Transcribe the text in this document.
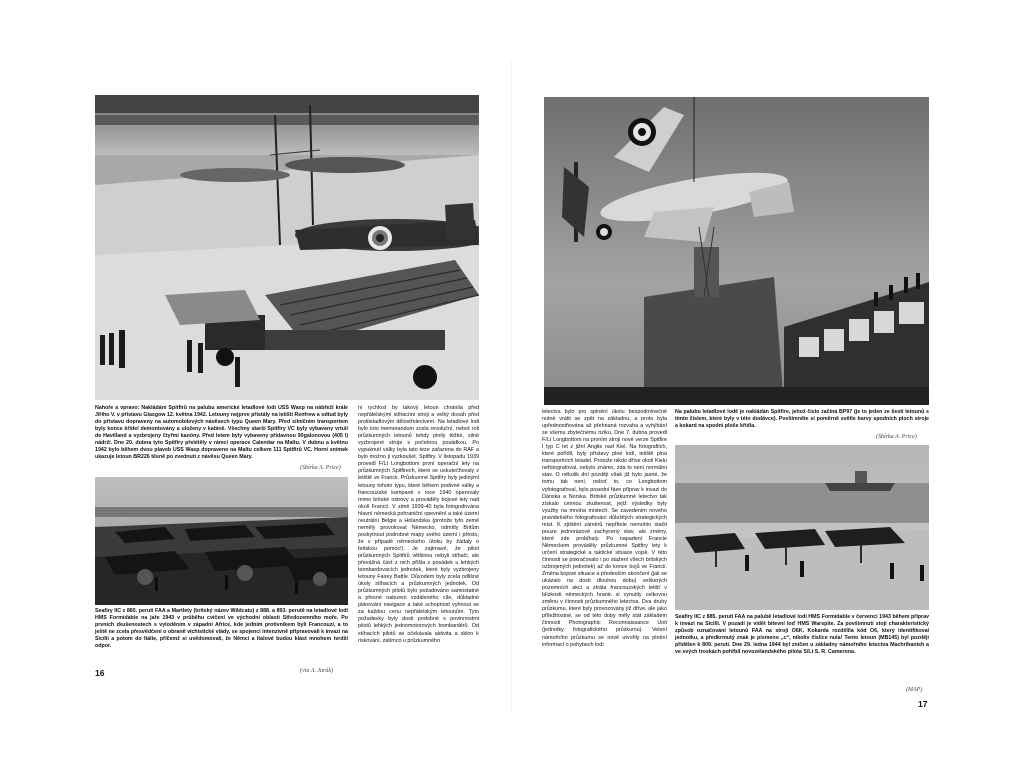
Nahoře a vpravo: Nakládání Spitfirů na palubu americké letadlové lodi USS Wasp na nábřeží krále Jiřího V. v přístavu Glasgow 12. května 1942. Letouny nejprve přistály na letišti Renfrew a odtud byly do přístavu dopraveny na automobilových návěsech typu Queen Mary. Před silničním transportem byly konce křídel demontovány a uloženy v kabině. Všechny starší Spitfiry VC byly vybaveny vrtulí de Havilland a vyzbrojeny čtyřmi kanóny. Před letem byly vybaveny přídavnou 90galonovou (405 l) nádrží. Dne 20. dubna tyto Spitfiry přelétěly v rámci operace Calendar na Maltu. V dubnu a květnu 1942 bylo během dvou plaveb USS Wasp dopraveno na Maltu celkem 111 Spitfirů VC. Horní snímek ukazuje letoun BR226 těsně po zvednutí z návěsu Queen Mary.
(Sbírka A. Price)
Seafiry IIC z 885. peruti FAA a Martlety (britský název Wildcatu) z 888. a 893. perutě na letadlové lodi HMS Formidable na jaře 1943 v průběhu cvičení ve východní oblasti Středozemního moře. Po prvních zkušenostech s vyloděním v západní Africe, kde jedním protivníkem byli Francouzi, a to ještě ne zcela přesvědčení o obraně vichistické vlády, se spojenci intenzivně připravovali k invazi na Sicílii a potom do Itálie, přičemž si uvědomovali, že Němci a Italové budou klást mnohem tvrdší odpor.
(via A. Jurák)
ní rychlost by takový letoun chránila před nepřátelskými stíhacími stroji a velký dosah před protiletadlovým dělostřelectvem. Na letadlové lodi bylo toto memorandum zcela revoluční, neboť roli průzkumných letounů tehdy plnily těžké, silně vyzbrojené stroje s početnou posádkou. Po vypuknutí války byla tato teze zařazena do RAF a bylo možno ji vyzkoušet. Spitfiry. V listopadu 1939 provedl F/Lt Longbottom první operační lety na průzkumných Spitfirech, které se uskutečňovaly z letiště ve Francii. Průzkumné Spitfiry byly jedinými letouny tohoto typu, které během podivné války a francouzské kampaně v roce 1940 operovaly mimo britské ostrovy a prováděly bojové lety nad okolí Francií. V zimě 1939-40 byla fotografována hlavní německá pohraniční opevnění a také území neutrální Belgie a Holandska (protože tyto země neměly provokovat Německo, odmítly Britům poskytnout podrobné mapy svého území i přesto, že v případě německého útoku by žádaly o britskou pomoc!). Je zajímavé, že piloti průzkumných Spitfirů většinou nebyli stíhači, ale převážná část z nich přišla z posádek u lehkých bombardovacích jednotek, které byly vyzbrojeny letouny Fairey Battle. Důvodem byly zcela odlišné úkoly stíhacích a průzkumných jednotek. Od průzkumných pilotů bylo požadováno samostatné a přesné nalezení vzdáleného cíle, důkladné plánování navigace a také schopnost vyhnout se za každou cenu nepřátelským letounům. Tyto požadavky byly dosti podobné s povinnostmi pilotů lehkých jednomotorových bombardérů. Od stíhacích pilotů se očekávala aktivita a sklon k riskování, zatímco u průzkumného
16
letectva bylo pro splnění úkolu bezpodmínečně nutné vrátit se zpět na základnu, a proto byla upřednostňována až přehnaná rozvaha a vyhýbání se všemu zbytečnému riziku. Dne 7. dubna provedl F/Lt Longbottom na prvním stroji nové verze Spitfire I typ C let z jižní Anglie nad Kiel. Na fotografiích, které pořídil, byly přístavy plné lodí, letiště plná transportních letadel. Protože nikdo dříve okolí Kielu nefotografoval, nebylo známo, zda to není normální stav. O několik dní později však již bylo jasné, že tomu tak není, neboť to, co Longbottom vyfotografoval, bylo posední fáze příprav k invazi do Dánska a Norska. Britské průzkumné letectvo tak získalo cennou zkušenost, jejíž výsledky byly využity na mnoha místech. Se zavedením nového pravidelného fotografování důležitých strategických míst. K zjištění záměrů nepřítele nemohlo stačit pouze jednorázové zachycený stav, ale změny, které zde probíhaly. Po napadení Francie Německem prováděly průzkumné Spitfiry lety k určení strategické a taktické situace vojsk. V této činnosti se pokračovalo i po stažení všech britských ozbrojených jednotek) až do konce bojů ve Francii. Změna bojové situace a především ukončení (jak se ukázalo na dosti dlouhou dobu) veškerých pozemních akcí a ztráta francouzských letišť v blízkosti německých hranic si vynutily celkovou změnu v činnosti průzkumného letectva. Dva druhy průzkumu, které byly provozovány již dříve, ale jako příležitostné, se od této doby měly stát základem činnosti Photographic Reconnaissance Unit (jednotky fotografického průzkumu). Velení námořního průzkumu se nově utvořily na plnění informací o pohybech lodí
Na palubu letadlové lodě je nakládán Spitfire, jehož číslo začíná BP97 (je to jeden ze šesti letounů s tímto číslem, které byly v této dodávce). Povšimněte si poměrně světle barvy spodních ploch stroje a kokard na spodní ploše křídla.
(Sbírka A. Price)
Seafiry IIC z 885. peruti FAA na palubě letadlové lodi HMS Formidable v červenci 1943 během příprav k invazi na Sicílii. V pozadí je vidět bitevní loď HMS Warspite. Za povšimnutí stojí charakteristický způsob označování letounů FAA na strojí O6K. Kokarda rozdělila kód O6, který identifikoval jednotku, a předkrmutý znak je písmeno „c“, nikoliv číslice nula! Tento letoun (MB145) byl později přidělen k 809. perutí. Dne 29. ledna 1944 byl zničen u základny námořního letectva Machrihanish a ve svých troskách pohřbil novozélandského pilota S/Lt S. R. Camerona.
(MAP)
17
